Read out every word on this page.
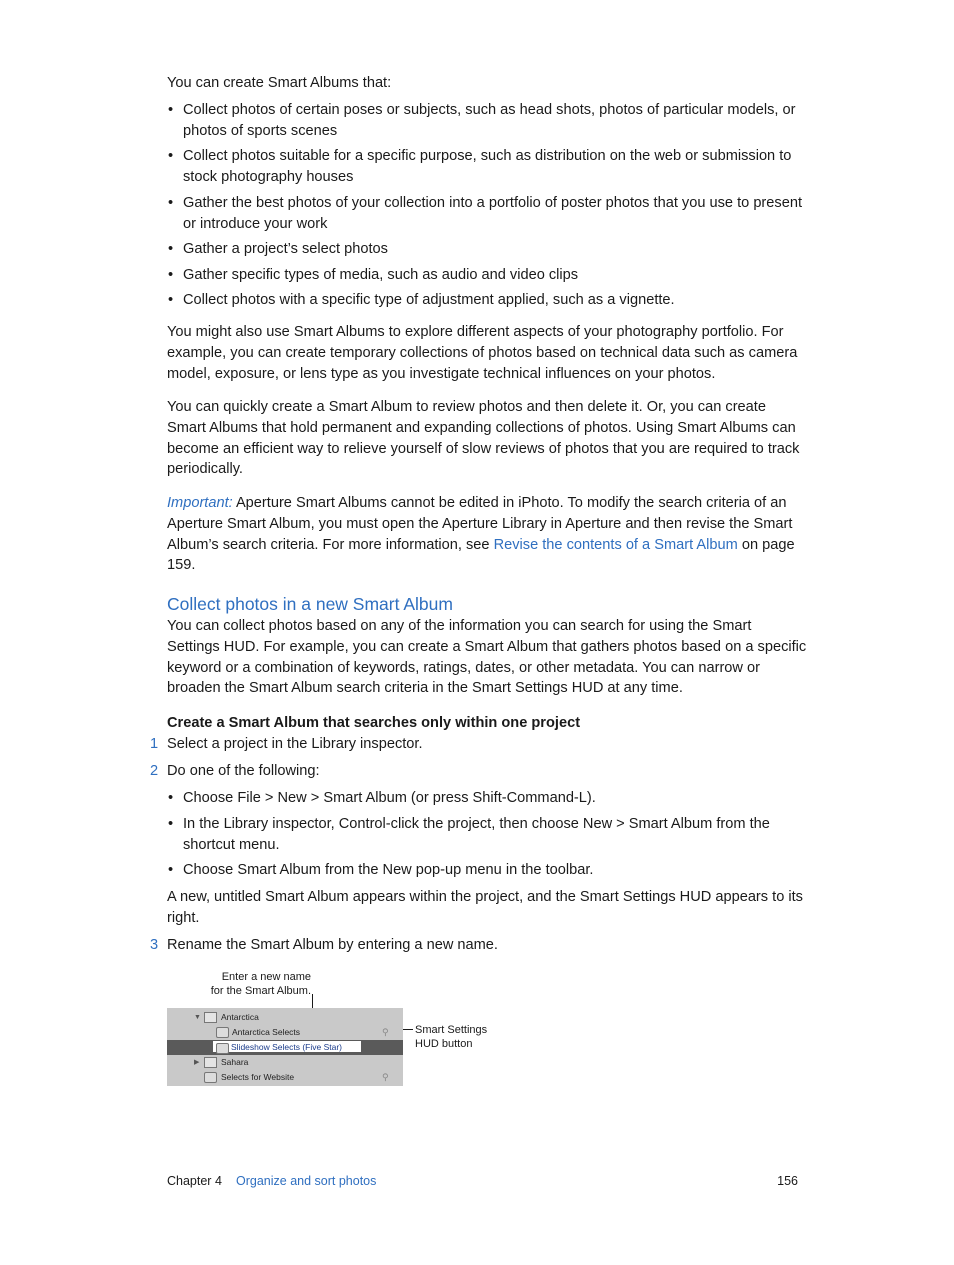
You can create Smart Albums that:
• Collect photos of certain poses or subjects, such as head shots, photos of particular models, or photos of sports scenes
• Collect photos suitable for a specific purpose, such as distribution on the web or submission to stock photography houses
• Gather the best photos of your collection into a portfolio of poster photos that you use to present or introduce your work
• Gather a project’s select photos
• Gather specific types of media, such as audio and video clips
• Collect photos with a specific type of adjustment applied, such as a vignette.
You might also use Smart Albums to explore different aspects of your photography portfolio. For example, you can create temporary collections of photos based on technical data such as camera model, exposure, or lens type as you investigate technical influences on your photos.
You can quickly create a Smart Album to review photos and then delete it. Or, you can create Smart Albums that hold permanent and expanding collections of photos. Using Smart Albums can become an efficient way to relieve yourself of slow reviews of photos that you are required to track periodically.
Important: Aperture Smart Albums cannot be edited in iPhoto. To modify the search criteria of an Aperture Smart Album, you must open the Aperture Library in Aperture and then revise the Smart Album’s search criteria. For more information, see Revise the contents of a Smart Album on page 159.
Collect photos in a new Smart Album
You can collect photos based on any of the information you can search for using the Smart Settings HUD. For example, you can create a Smart Album that gathers photos based on a specific keyword or a combination of keywords, ratings, dates, or other metadata. You can narrow or broaden the Smart Album search criteria in the Smart Settings HUD at any time.
Create a Smart Album that searches only within one project
1 Select a project in the Library inspector.
2 Do one of the following:
• Choose File > New > Smart Album (or press Shift-Command-L).
• In the Library inspector, Control-click the project, then choose New > Smart Album from the shortcut menu.
• Choose Smart Album from the New pop-up menu in the toolbar.
A new, untitled Smart Album appears within the project, and the Smart Settings HUD appears to its right.
3 Rename the Smart Album by entering a new name.
Enter a new name
for the Smart Album.
Smart Settings
HUD button
▼ Antarctica
Antarctica Selects	⚲
Slideshow Selects (Five Star)
▶	Sahara
Selects for Website	⚲
Chapter 4 Organize and sort photos	156
